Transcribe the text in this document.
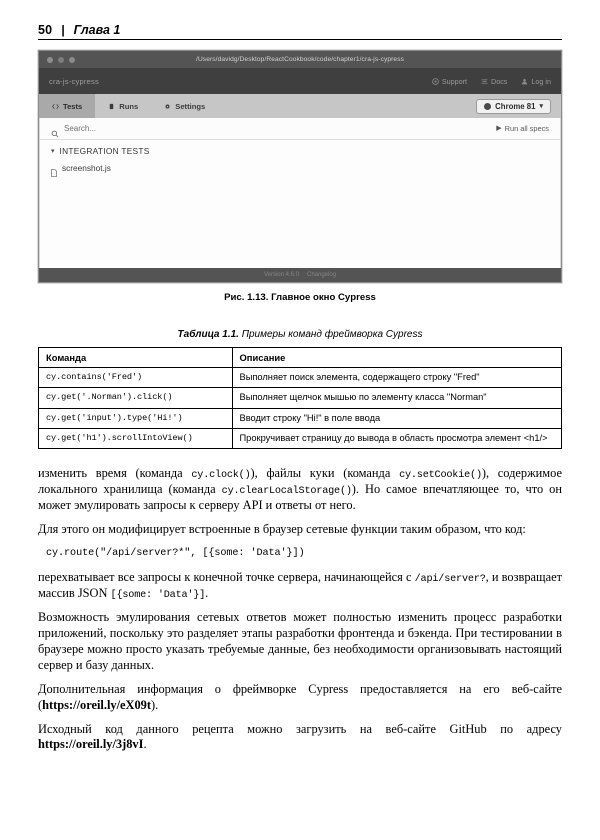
50 | Глава 1
/Users/davidg/Desktop/ReactCookbook/code/chapter1/cra-js-cypress
cra-js-cypress	Support	Docs	Log in
Tests	Runs	Settings	Chrome 81 ▾
Search...	▶ Run all specs
▾ INTEGRATION TESTS
screenshot.js
Version 4.6.0 Changelog
Рис. 1.13. Главное окно Cypress
Таблица 1.1. Примеры команд фреймворка Cypress
Команда	Описание
cy.contains('Fred')	Выполняет поиск элемента, содержащего строку "Fred"
cy.get('.Norman').click()	Выполняет щелчок мышью по элементу класса "Norman"
cy.get('input').type('Hi!')	Вводит строку "Hi!" в поле ввода
cy.get('h1').scrollIntoView()	Прокручивает страницу до вывода в область просмотра элемент <h1/>

изменить время (команда cy.clock()), файлы куки (команда cy.setCookie()), содержимое локального хранилища (команда cy.clearLocalStorage()). Но самое впечатляющее то, что он может эмулировать запросы к серверу API и ответы от него.

Для этого он модифицирует встроенные в браузер сетевые функции таким образом, что код:

cy.route("/api/server?*", [{some: 'Data'}])

перехватывает все запросы к конечной точке сервера, начинающейся с /api/server?, и возвращает массив JSON [{some: 'Data'}].

Возможность эмулирования сетевых ответов может полностью изменить процесс разработки приложений, поскольку это разделяет этапы разработки фронтенда и бэкенда. При тестировании в браузере можно просто указать требуемые данные, без необходимости организовывать настоящий сервер и базу данных.

Дополнительная информация о фреймворке Cypress предоставляется на его веб-сайте (https://oreil.ly/eX09t).

Исходный код данного рецепта можно загрузить на веб-сайте GitHub по адресу https://oreil.ly/3j8vI.
